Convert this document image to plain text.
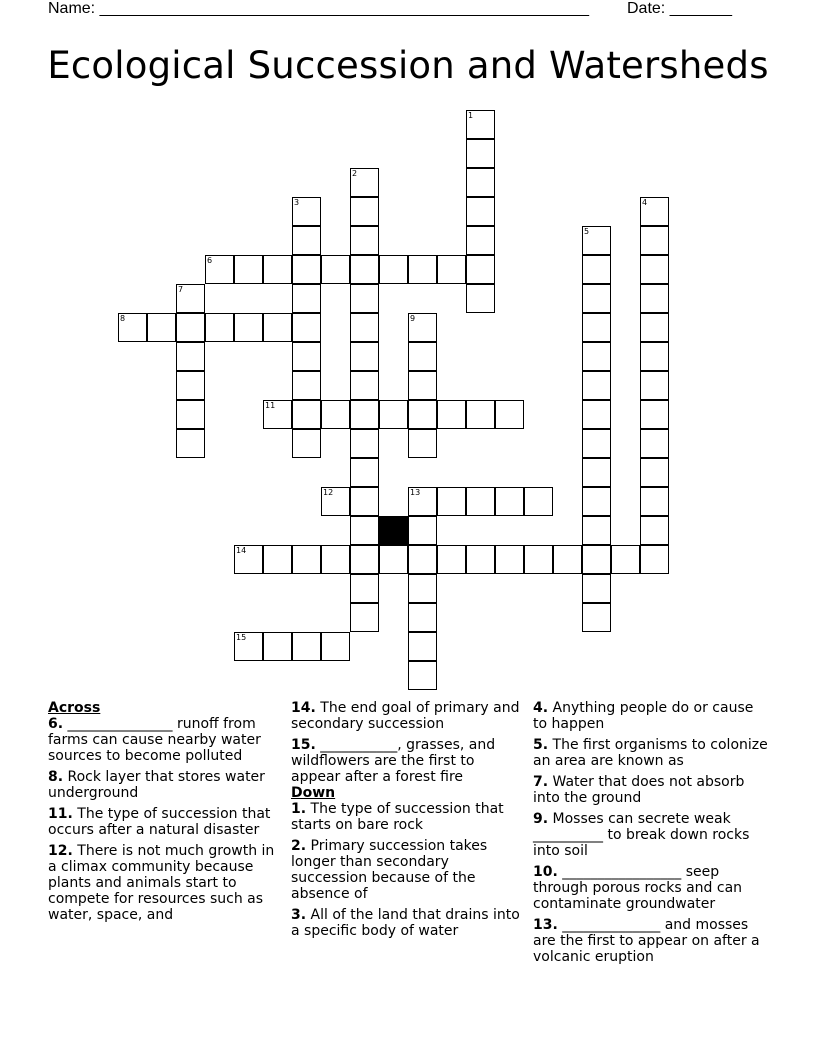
Name: _______________________________________________________ Date: _______
Ecological Succession and Watersheds
1
2
3	4
5
6
7
8	9
11
12	13
14
15
Across
6. _______________ runoff from farms can cause nearby water sources to become polluted
8. Rock layer that stores water underground
11. The type of succession that occurs after a natural disaster
12. There is not much growth in a climax community because plants and animals start to compete for resources such as water, space, and
14. The end goal of primary and secondary succession
15. ___________, grasses, and wildflowers are the first to appear after a forest fire
Down
1. The type of succession that starts on bare rock
2. Primary succession takes longer than secondary succession because of the absence of
3. All of the land that drains into a specific body of water
4. Anything people do or cause to happen
5. The first organisms to colonize an area are known as
7. Water that does not absorb into the ground
9. Mosses can secrete weak __________ to break down rocks into soil
10. _________________ seep through porous rocks and can contaminate groundwater
13. ______________ and mosses are the first to appear on after a volcanic eruption
